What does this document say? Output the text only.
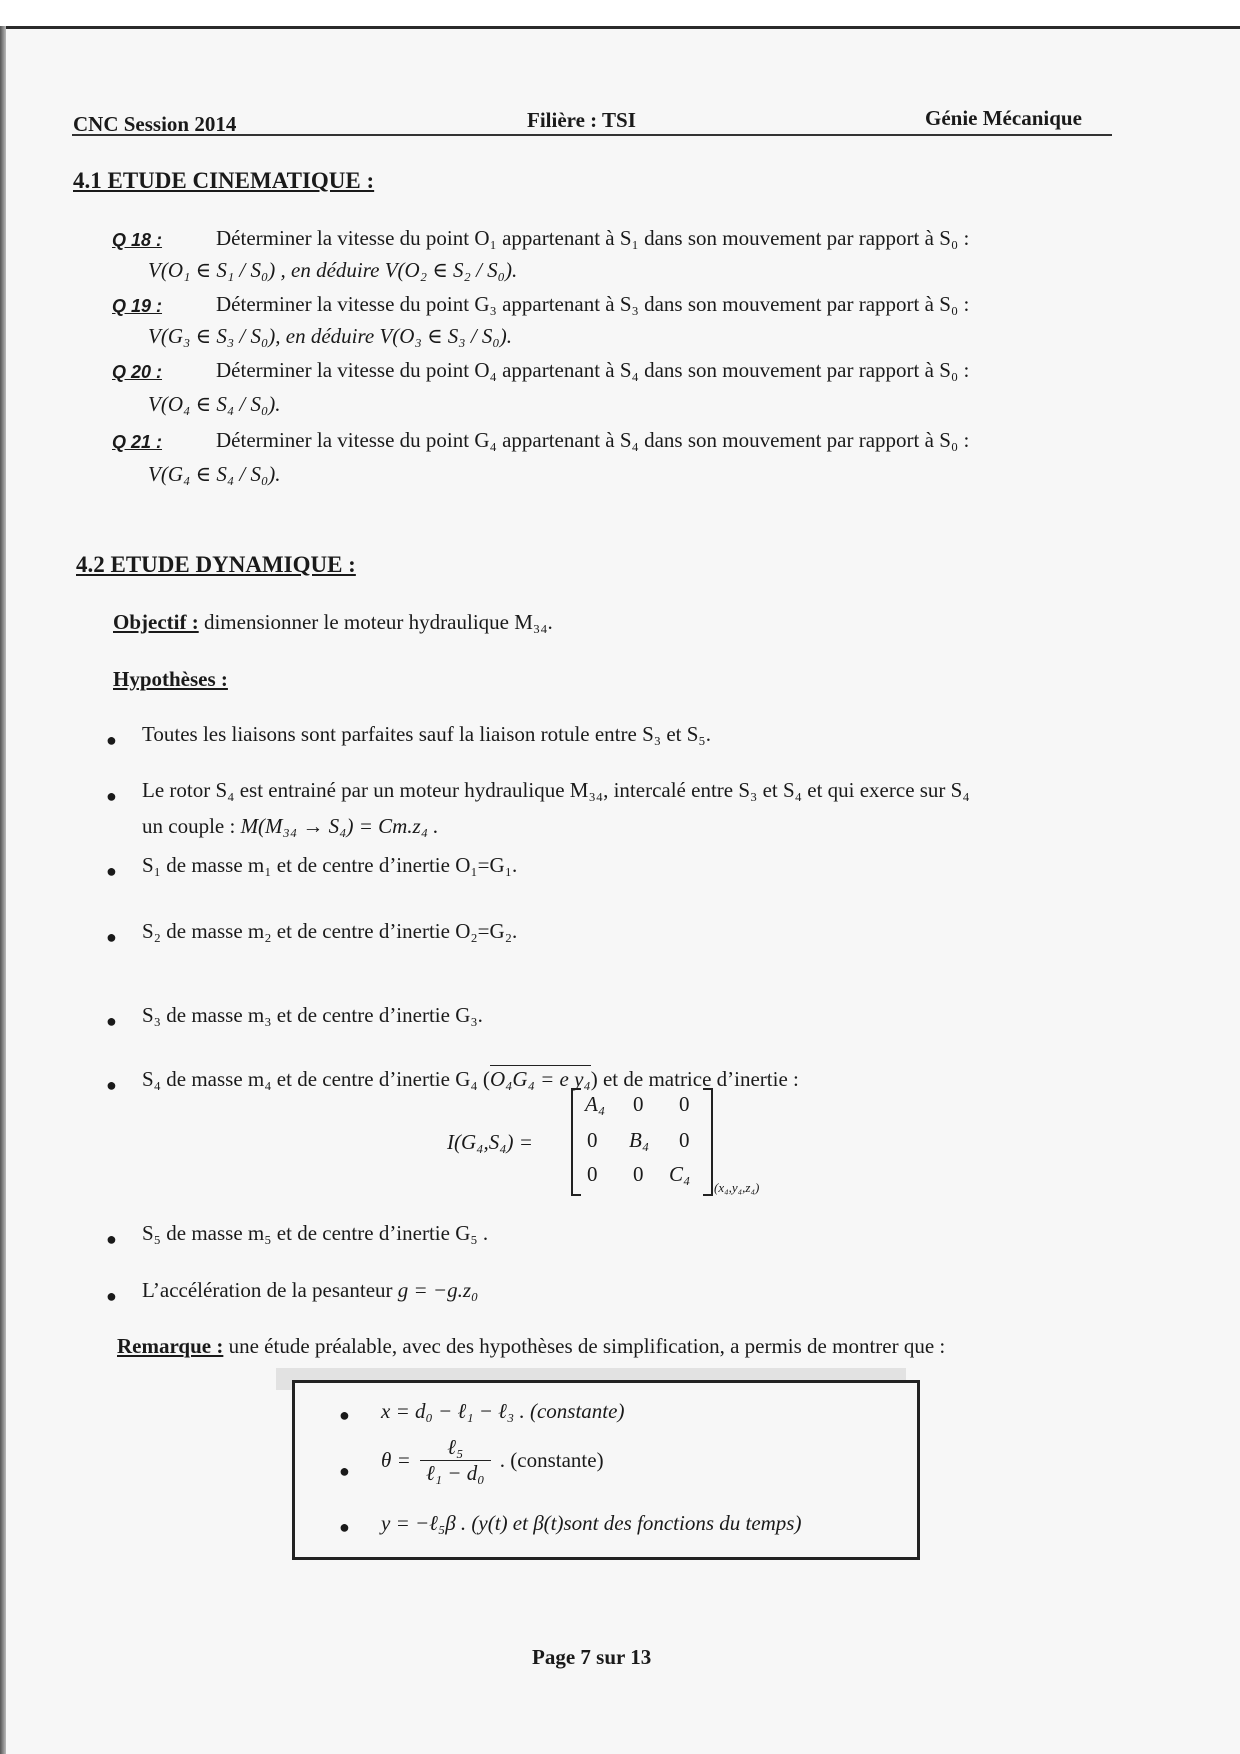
CNC Session 2014	Filière : TSI	Génie Mécanique
4.1 ETUDE CINEMATIQUE :
Q 18 :	Déterminer la vitesse du point O₁ appartenant à S₁ dans son mouvement par rapport à S₀ :
V(O₁ ∈ S₁ / S₀) , en déduire V(O₂ ∈ S₂ / S₀).
Q 19 :	Déterminer la vitesse du point G₃ appartenant à S₃ dans son mouvement par rapport à S₀ :
V(G₃ ∈ S₃ / S₀), en déduire V(O₃ ∈ S₃ / S₀).
Q 20 :	Déterminer la vitesse du point O₄ appartenant à S₄ dans son mouvement par rapport à S₀ :
V(O₄ ∈ S₄ / S₀).
Q 21 :	Déterminer la vitesse du point G₄ appartenant à S₄ dans son mouvement par rapport à S₀ :
V(G₄ ∈ S₄ / S₀).
4.2 ETUDE DYNAMIQUE :
Objectif : dimensionner le moteur hydraulique M₃₄.
Hypothèses :
● Toutes les liaisons sont parfaites sauf la liaison rotule entre S₃ et S₅.
● Le rotor S₄ est entrainé par un moteur hydraulique M₃₄, intercalé entre S₃ et S₄ et qui exerce sur S₄
un couple : M(M₃₄ → S₄) = Cm.z₄ .
● S₁ de masse m₁ et de centre d’inertie O₁=G₁.
● S₂ de masse m₂ et de centre d’inertie O₂=G₂.
● S₃ de masse m₃ et de centre d’inertie G₃.
● S₄ de masse m₄ et de centre d’inertie G₄ (O₄G₄ = e y₄) et de matrice d’inertie :
I(G₄,S₄) =
A₄ 0 0
0 B₄ 0
0 0 C₄
(x₄,y₄,z₄)
● S₅ de masse m₅ et de centre d’inertie G₅ .
● L’accélération de la pesanteur g = −g.z₀
Remarque : une étude préalable, avec des hypothèses de simplification, a permis de montrer que :
● x = d₀ − ℓ₁ − ℓ₃ . (constante)
● $\theta = \frac{\text{ℓ₅}}{\text{ℓ₁ − d₀}}$ . (constante)
● y = −ℓ₅β . (y(t) et β(t)sont des fonctions du temps)
Page 7 sur 13
